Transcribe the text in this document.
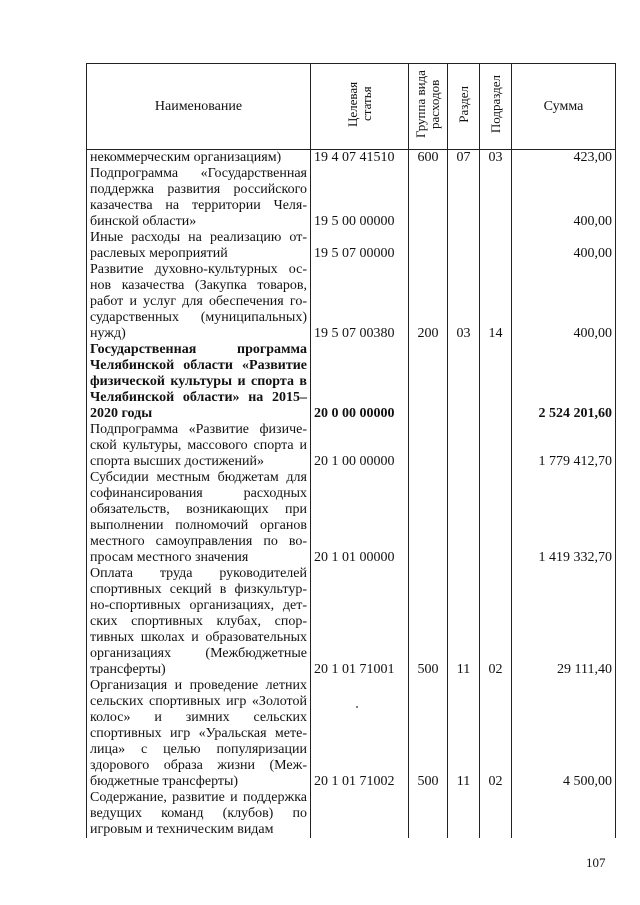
Наименование	Целевая статья	Группа вида расходов	Раздел	Подраздел	Сумма
некоммерческим организациям)	19 4 07 41510	600	07	03	423,00
Подпрограмма «Государственная поддержка развития российского казачества на территории Челябинской области»	19 5 00 00000				400,00
Иные расходы на реализацию отраслевых мероприятий	19 5 07 00000				400,00
Развитие духовно-культурных основ казачества (Закупка товаров, работ и услуг для обеспечения государственных (муниципальных) нужд)	19 5 07 00380	200	03	14	400,00
Государственная программа Челябинской области «Развитие физической культуры и спорта в Челябинской области» на 2015–2020 годы	20 0 00 00000				2 524 201,60
Подпрограмма «Развитие физической культуры, массового спорта и спорта высших достижений»	20 1 00 00000				1 779 412,70
Субсидии местным бюджетам для софинансирования расходных обязательств, возникающих при выполнении полномочий органов местного самоуправления по вопросам местного значения	20 1 01 00000				1 419 332,70
Оплата труда руководителей спортивных секций в физкультурно-спортивных организациях, детских спортивных клубах, спортивных школах и образовательных организациях (Межбюджетные трансферты)	20 1 01 71001	500	11	02	29 111,40
Организация и проведение летних сельских спортивных игр «Золотой колос» и зимних сельских спортивных игр «Уральская метелица» с целью популяризации здорового образа жизни (Межбюджетные трансферты)	20 1 01 71002	500	11	02	4 500,00
Содержание, развитие и поддержка ведущих команд (клубов) по игровым и техническим видам					
107
